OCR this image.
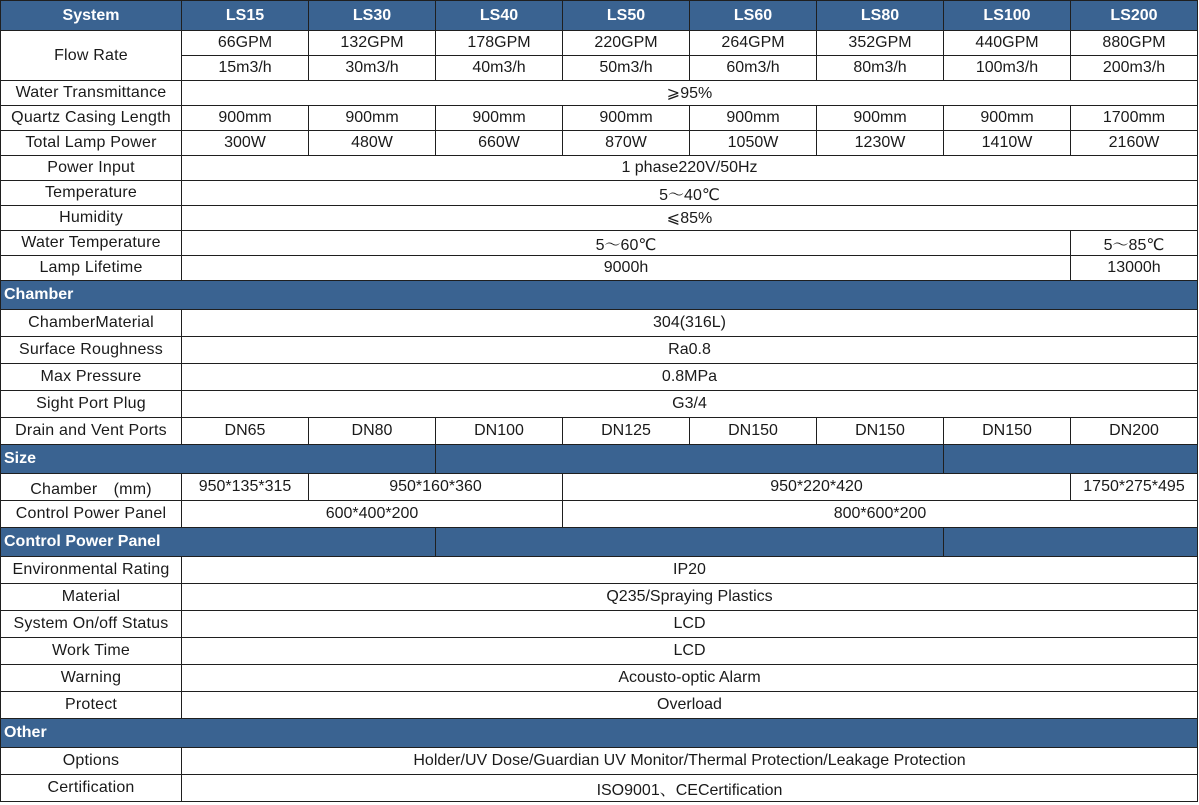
System	LS15	LS30	LS40	LS50	LS60	LS80	LS100	LS200
Flow Rate	66GPM	132GPM	178GPM	220GPM	264GPM	352GPM	440GPM	880GPM
	15m3/h	30m3/h	40m3/h	50m3/h	60m3/h	80m3/h	100m3/h	200m3/h
Water Transmittance	⩾95%							
Quartz Casing Length	900mm	900mm	900mm	900mm	900mm	900mm	900mm	1700mm
Total Lamp Power	300W	480W	660W	870W	1050W	1230W	1410W	2160W
Power Input	1 phase220V/50Hz							
Temperature	5～40℃							
Humidity	⩽85%							
Water Temperature	5～60℃							5～85℃
Lamp Lifetime	9000h							13000h
Chamber								
ChamberMaterial	304(316L)							
Surface Roughness	Ra0.8							
Max Pressure	0.8MPa							
Sight Port Plug	G3/4							
Drain and Vent Ports	DN65	DN80	DN100	DN125	DN150	DN150	DN150	DN200
Size								
Chamber　(mm)	950*135*315	950*160*360		950*220*420				1750*275*495
Control Power Panel	600*400*200			800*600*200				
Control Power Panel								
Environmental Rating	IP20							
Material	Q235/Spraying Plastics							
System On/off Status	LCD							
Work Time	LCD							
Warning	Acousto-optic Alarm							
Protect	Overload							
Other								
Options	Holder/UV Dose/Guardian UV Monitor/Thermal Protection/Leakage Protection							
Certification	ISO9001、CECertification							
